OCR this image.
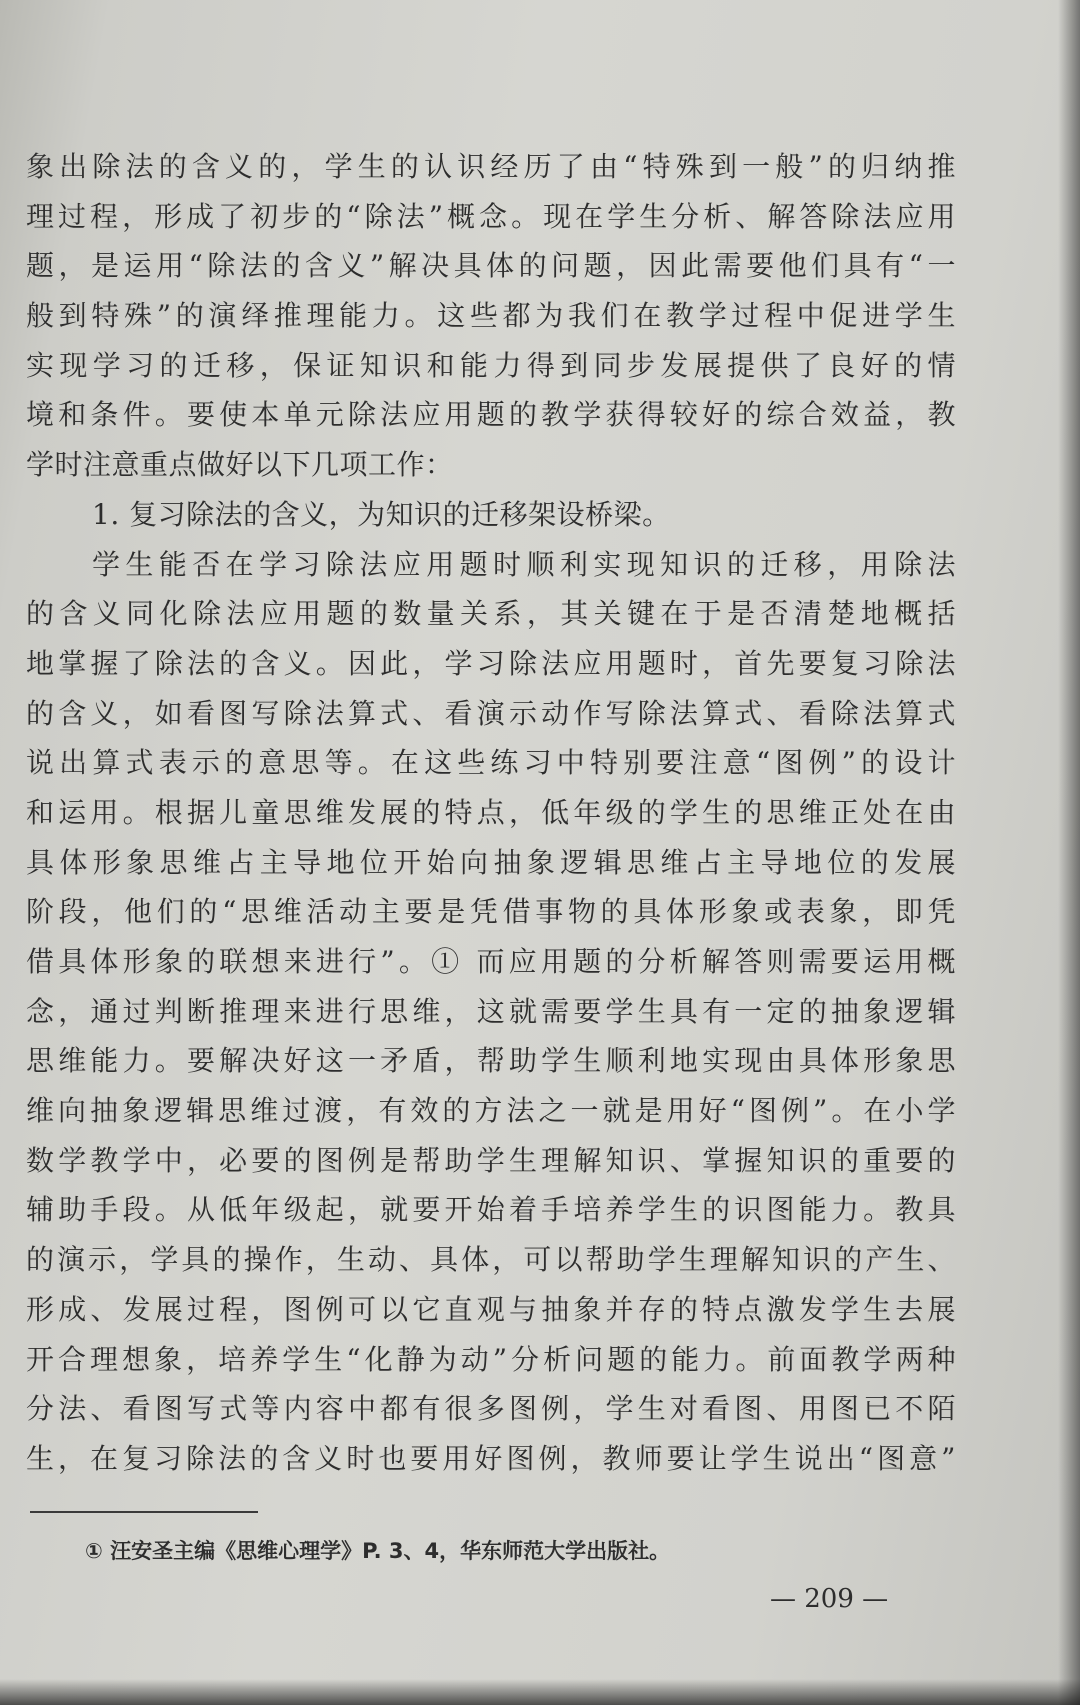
象出除法的含义的，学生的认识经历了由“特殊到一般”的归纳推
理过程，形成了初步的“除法”概念。现在学生分析、解答除法应用
题，是运用“除法的含义”解决具体的问题，因此需要他们具有“一
般到特殊”的演绎推理能力。这些都为我们在教学过程中促进学生
实现学习的迁移，保证知识和能力得到同步发展提供了良好的情
境和条件。要使本单元除法应用题的教学获得较好的综合效益，教
学时注意重点做好以下几项工作：
1. 复习除法的含义，为知识的迁移架设桥梁。
学生能否在学习除法应用题时顺利实现知识的迁移，用除法
的含义同化除法应用题的数量关系，其关键在于是否清楚地概括
地掌握了除法的含义。因此，学习除法应用题时，首先要复习除法
的含义，如看图写除法算式、看演示动作写除法算式、看除法算式
说出算式表示的意思等。在这些练习中特别要注意“图例”的设计
和运用。根据儿童思维发展的特点，低年级的学生的思维正处在由
具体形象思维占主导地位开始向抽象逻辑思维占主导地位的发展
阶段，他们的“思维活动主要是凭借事物的具体形象或表象，即凭
借具体形象的联想来进行”。① 而应用题的分析解答则需要运用概
念，通过判断推理来进行思维，这就需要学生具有一定的抽象逻辑
思维能力。要解决好这一矛盾，帮助学生顺利地实现由具体形象思
维向抽象逻辑思维过渡，有效的方法之一就是用好“图例”。在小学
数学教学中，必要的图例是帮助学生理解知识、掌握知识的重要的
辅助手段。从低年级起，就要开始着手培养学生的识图能力。教具
的演示，学具的操作，生动、具体，可以帮助学生理解知识的产生、
形成、发展过程，图例可以它直观与抽象并存的特点激发学生去展
开合理想象，培养学生“化静为动”分析问题的能力。前面教学两种
分法、看图写式等内容中都有很多图例，学生对看图、用图已不陌
生，在复习除法的含义时也要用好图例，教师要让学生说出“图意”
① 汪安圣主编《思维心理学》P. 3、4，华东师范大学出版社。
— 209 —
